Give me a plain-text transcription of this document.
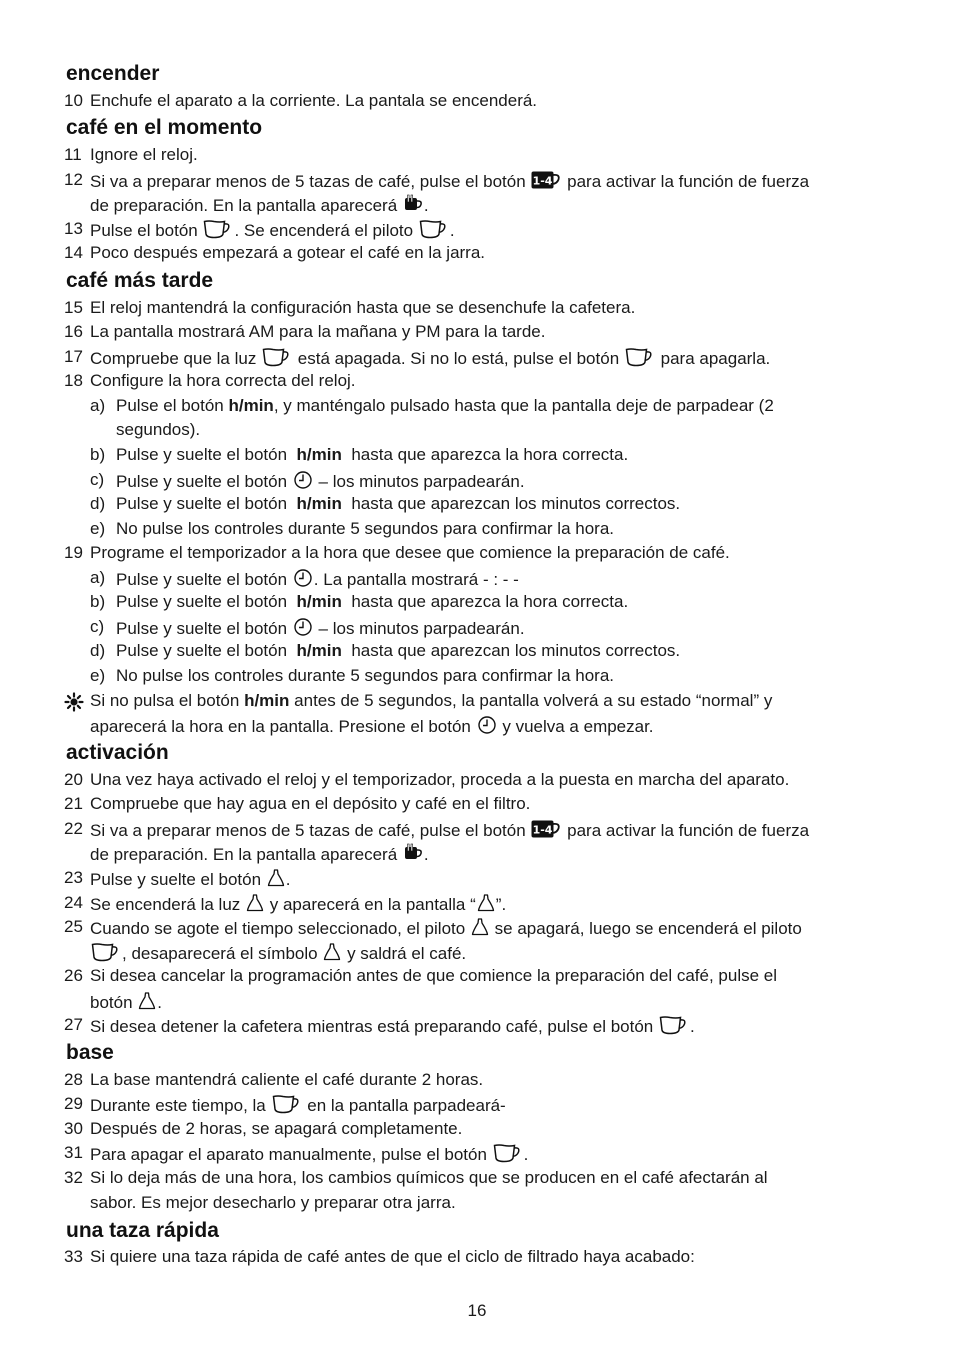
encender
10 Enchufe el aparato a la corriente. La pantala se encenderá.
café en el momento
11 Ignore el reloj.
12 Si va a preparar menos de 5 tazas de café, pulse el botón para activar la función de fuerza
de preparación. En la pantalla aparecerá .
13 Pulse el botón . Se encenderá el piloto .
14 Poco después empezará a gotear el café en la jarra.
café más tarde
15 El reloj mantendrá la configuración hasta que se desenchufe la cafetera.
16 La pantalla mostrará AM para la mañana y PM para la tarde.
17 Compruebe que la luz está apagada. Si no lo está, pulse el botón para apagarla.
18 Configure la hora correcta del reloj.
a) Pulse el botón h/min, y manténgalo pulsado hasta que la pantalla deje de parpadear (2
segundos).
b) Pulse y suelte el botón h/min hasta que aparezca la hora correcta.
c) Pulse y suelte el botón – los minutos parpadearán.
d) Pulse y suelte el botón h/min hasta que aparezcan los minutos correctos.
e) No pulse los controles durante 5 segundos para confirmar la hora.
19 Programe el temporizador a la hora que desee que comience la preparación de café.
a) Pulse y suelte el botón . La pantalla mostrará - : - -
b) Pulse y suelte el botón h/min hasta que aparezca la hora correcta.
c) Pulse y suelte el botón – los minutos parpadearán.
d) Pulse y suelte el botón h/min hasta que aparezcan los minutos correctos.
e) No pulse los controles durante 5 segundos para confirmar la hora.
Si no pulsa el botón h/min antes de 5 segundos, la pantalla volverá a su estado “normal” y
aparecerá la hora en la pantalla. Presione el botón y vuelva a empezar.
activación
20 Una vez haya activado el reloj y el temporizador, proceda a la puesta en marcha del aparato.
21 Compruebe que hay agua en el depósito y café en el filtro.
22 Si va a preparar menos de 5 tazas de café, pulse el botón para activar la función de fuerza
de preparación. En la pantalla aparecerá .
23 Pulse y suelte el botón .
24 Se encenderá la luz y aparecerá en la pantalla “ ”.
25 Cuando se agote el tiempo seleccionado, el piloto se apagará, luego se encenderá el piloto
, desaparecerá el símbolo  y saldrá el café.
26 Si desea cancelar la programación antes de que comience la preparación del café, pulse el
botón .
27 Si desea detener la cafetera mientras está preparando café, pulse el botón .
base
28 La base mantendrá caliente el café durante 2 horas.
29 Durante este tiempo, la  en la pantalla parpadeará-
30 Después de 2 horas, se apagará completamente.
31 Para apagar el aparato manualmente, pulse el botón .
32 Si lo deja más de una hora, los cambios químicos que se producen en el café afectarán al
sabor. Es mejor desecharlo y preparar otra jarra.
una taza rápida
33 Si quiere una taza rápida de café antes de que el ciclo de filtrado haya acabado:
16
